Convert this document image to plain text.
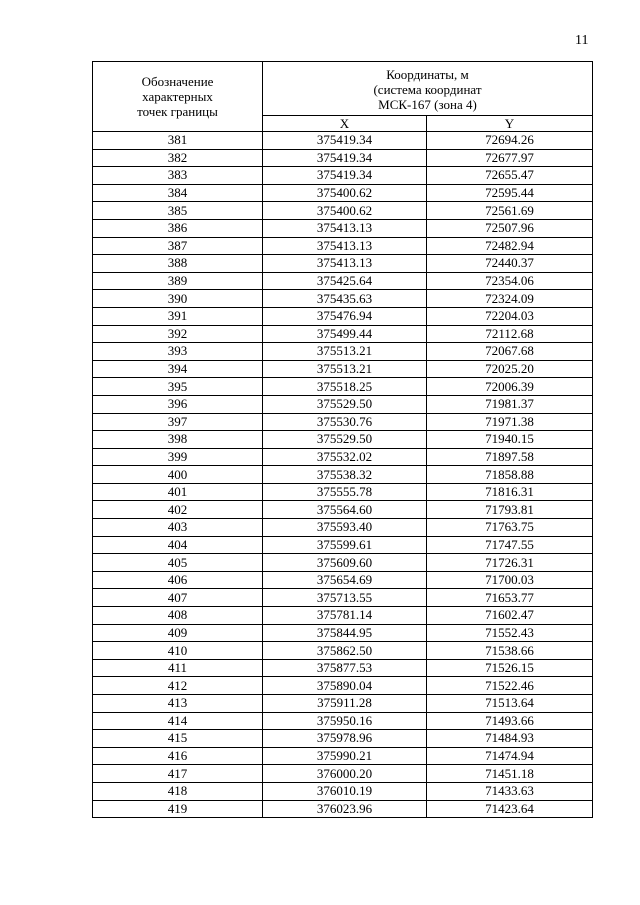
11
Обозначение
характерных
точек границы	Координаты, м
(система координат
МСК-167 (зона 4)	

	X	Y
381	375419.34	72694.26
382	375419.34	72677.97
383	375419.34	72655.47
384	375400.62	72595.44
385	375400.62	72561.69
386	375413.13	72507.96
387	375413.13	72482.94
388	375413.13	72440.37
389	375425.64	72354.06
390	375435.63	72324.09
391	375476.94	72204.03
392	375499.44	72112.68
393	375513.21	72067.68
394	375513.21	72025.20
395	375518.25	72006.39
396	375529.50	71981.37
397	375530.76	71971.38
398	375529.50	71940.15
399	375532.02	71897.58
400	375538.32	71858.88
401	375555.78	71816.31
402	375564.60	71793.81
403	375593.40	71763.75
404	375599.61	71747.55
405	375609.60	71726.31
406	375654.69	71700.03
407	375713.55	71653.77
408	375781.14	71602.47
409	375844.95	71552.43
410	375862.50	71538.66
411	375877.53	71526.15
412	375890.04	71522.46
413	375911.28	71513.64
414	375950.16	71493.66
415	375978.96	71484.93
416	375990.21	71474.94
417	376000.20	71451.18
418	376010.19	71433.63
419	376023.96	71423.64
